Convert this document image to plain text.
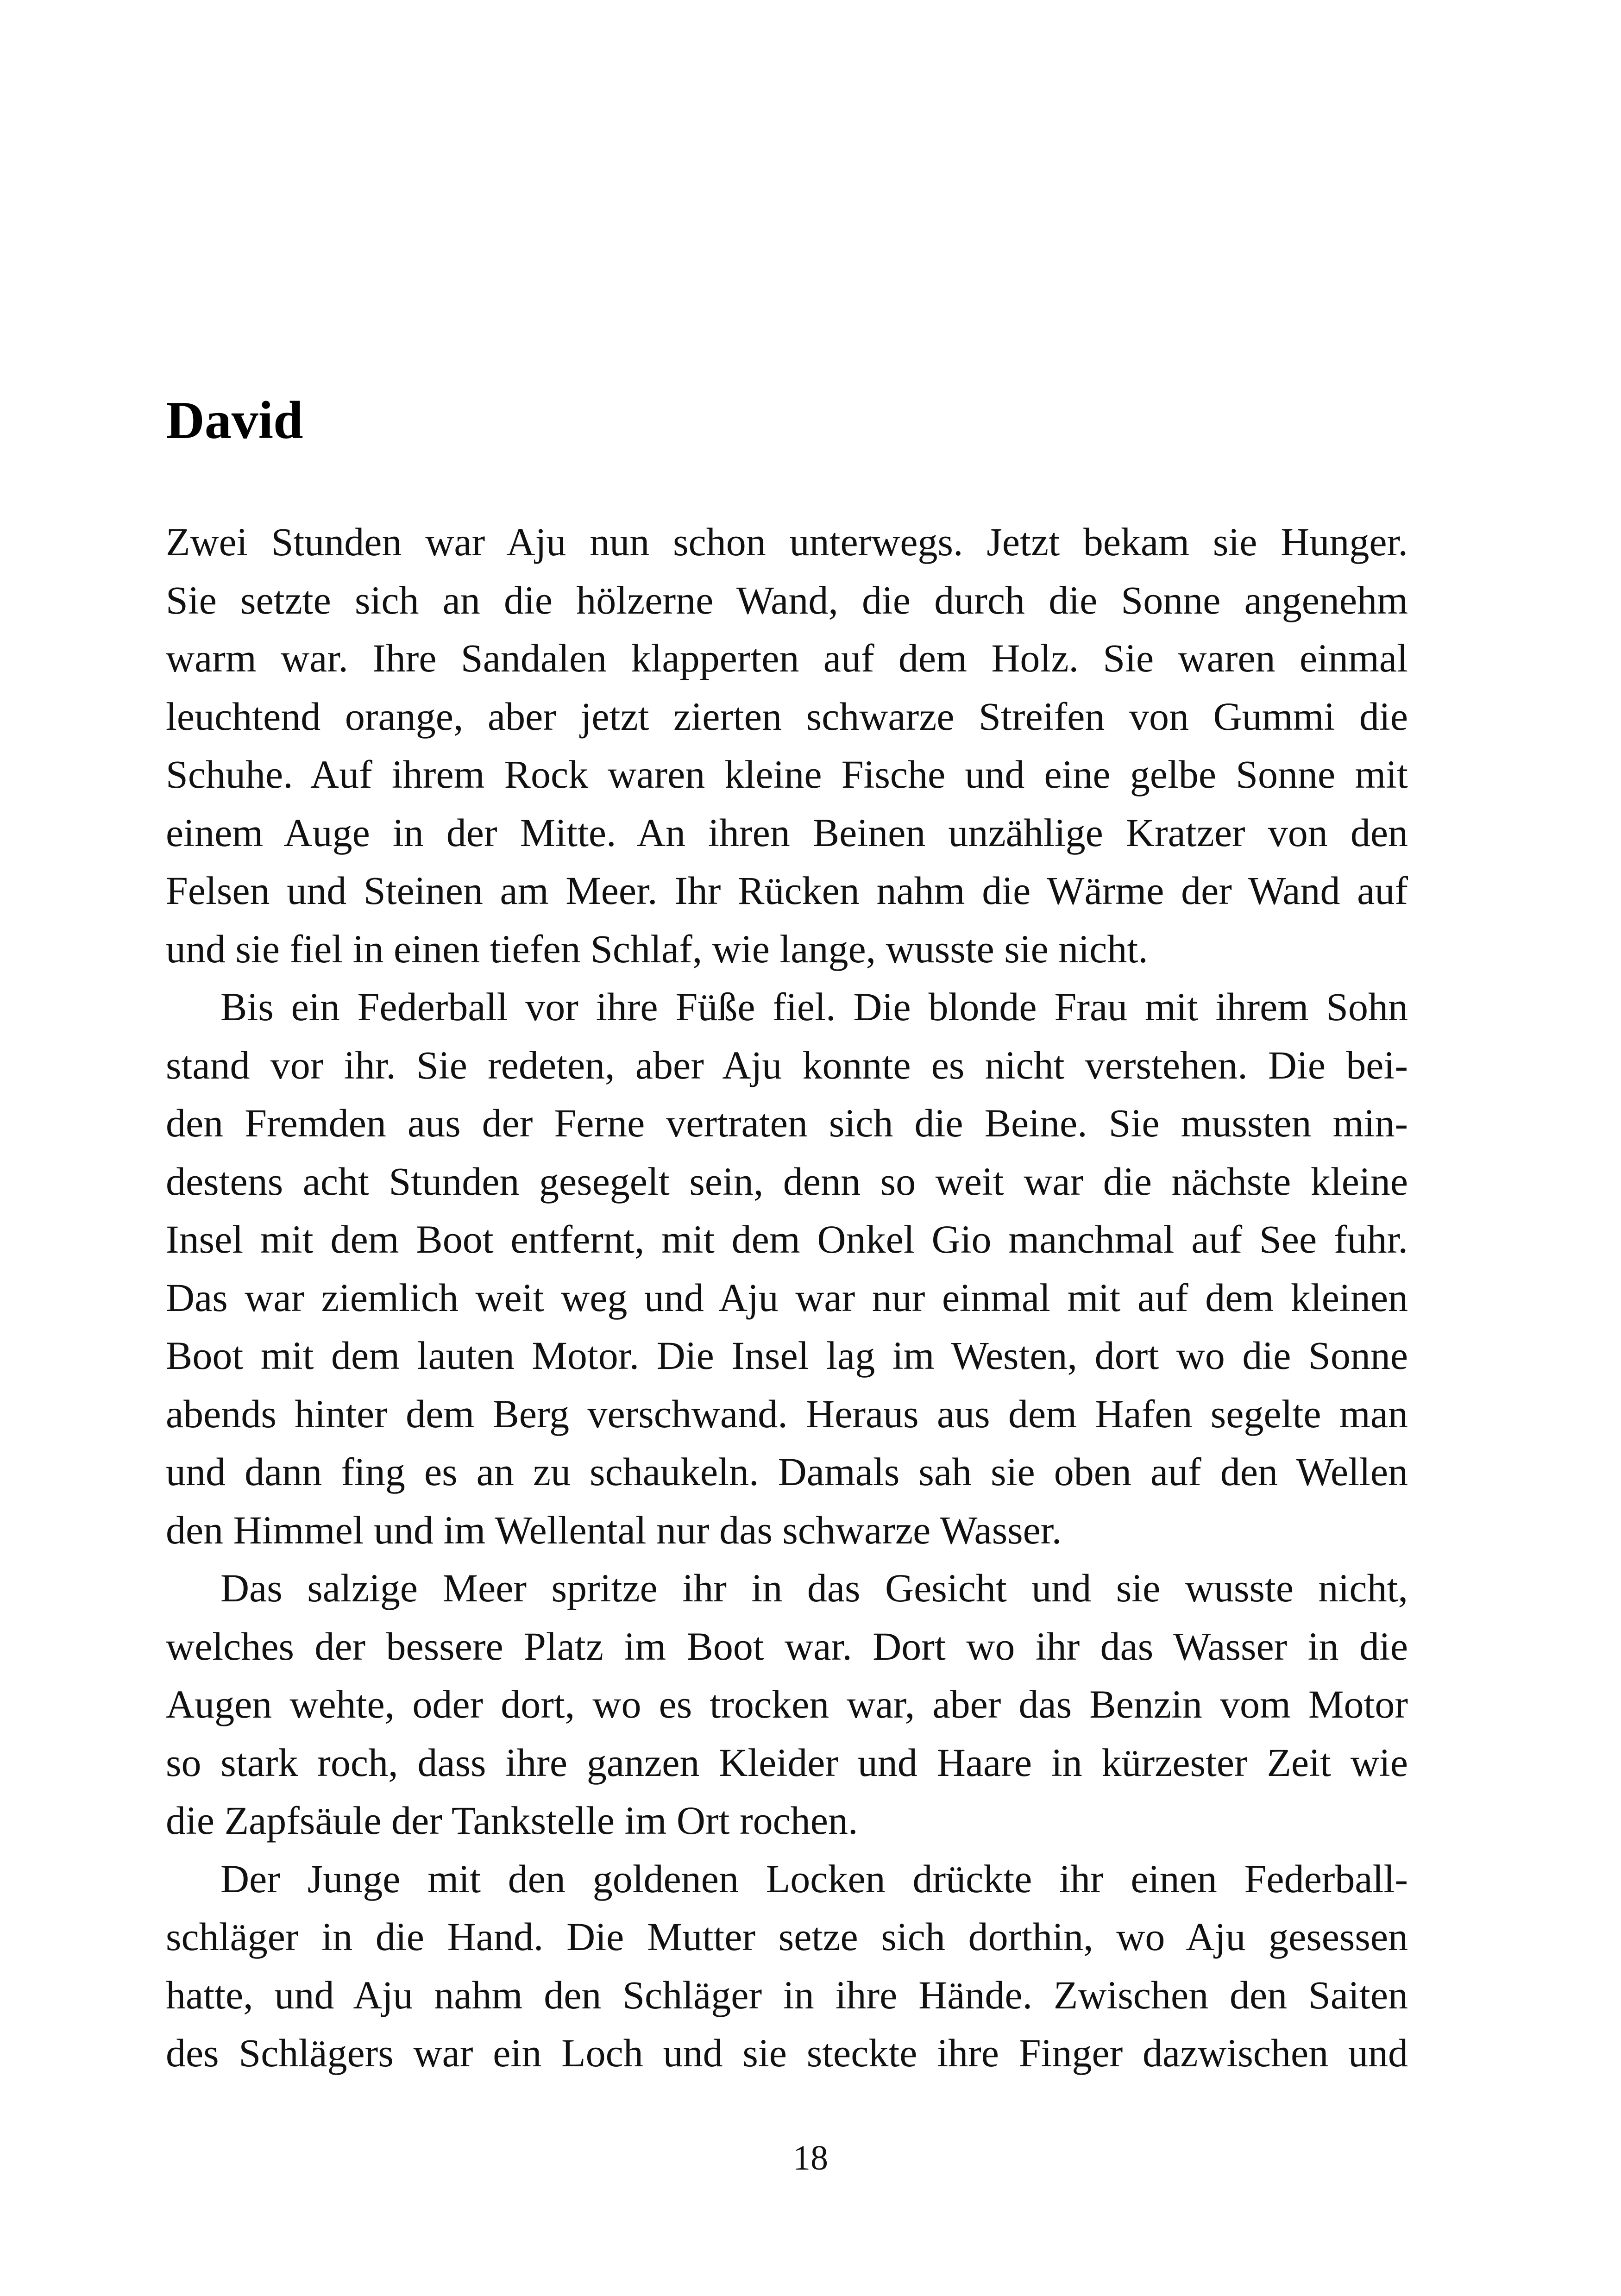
David
Zwei Stunden war Aju nun schon unterwegs. Jetzt bekam sie Hunger.
Sie setzte sich an die hölzerne Wand, die durch die Sonne angenehm
warm war. Ihre Sandalen klapperten auf dem Holz. Sie waren einmal
leuchtend orange, aber jetzt zierten schwarze Streifen von Gummi die
Schuhe. Auf ihrem Rock waren kleine Fische und eine gelbe Sonne mit
einem Auge in der Mitte. An ihren Beinen unzählige Kratzer von den
Felsen und Steinen am Meer. Ihr Rücken nahm die Wärme der Wand auf
und sie fiel in einen tiefen Schlaf, wie lange, wusste sie nicht.
Bis ein Federball vor ihre Füße fiel. Die blonde Frau mit ihrem Sohn
stand vor ihr. Sie redeten, aber Aju konnte es nicht verstehen. Die bei-
den Fremden aus der Ferne vertraten sich die Beine. Sie mussten min-
destens acht Stunden gesegelt sein, denn so weit war die nächste kleine
Insel mit dem Boot entfernt, mit dem Onkel Gio manchmal auf See fuhr.
Das war ziemlich weit weg und Aju war nur einmal mit auf dem kleinen
Boot mit dem lauten Motor. Die Insel lag im Westen, dort wo die Sonne
abends hinter dem Berg verschwand. Heraus aus dem Hafen segelte man
und dann fing es an zu schaukeln. Damals sah sie oben auf den Wellen
den Himmel und im Wellental nur das schwarze Wasser.
Das salzige Meer spritze ihr in das Gesicht und sie wusste nicht,
welches der bessere Platz im Boot war. Dort wo ihr das Wasser in die
Augen wehte, oder dort, wo es trocken war, aber das Benzin vom Motor
so stark roch, dass ihre ganzen Kleider und Haare in kürzester Zeit wie
die Zapfsäule der Tankstelle im Ort rochen.
Der Junge mit den goldenen Locken drückte ihr einen Federball-
schläger in die Hand. Die Mutter setze sich dorthin, wo Aju gesessen
hatte, und Aju nahm den Schläger in ihre Hände. Zwischen den Saiten
des Schlägers war ein Loch und sie steckte ihre Finger dazwischen und
18
